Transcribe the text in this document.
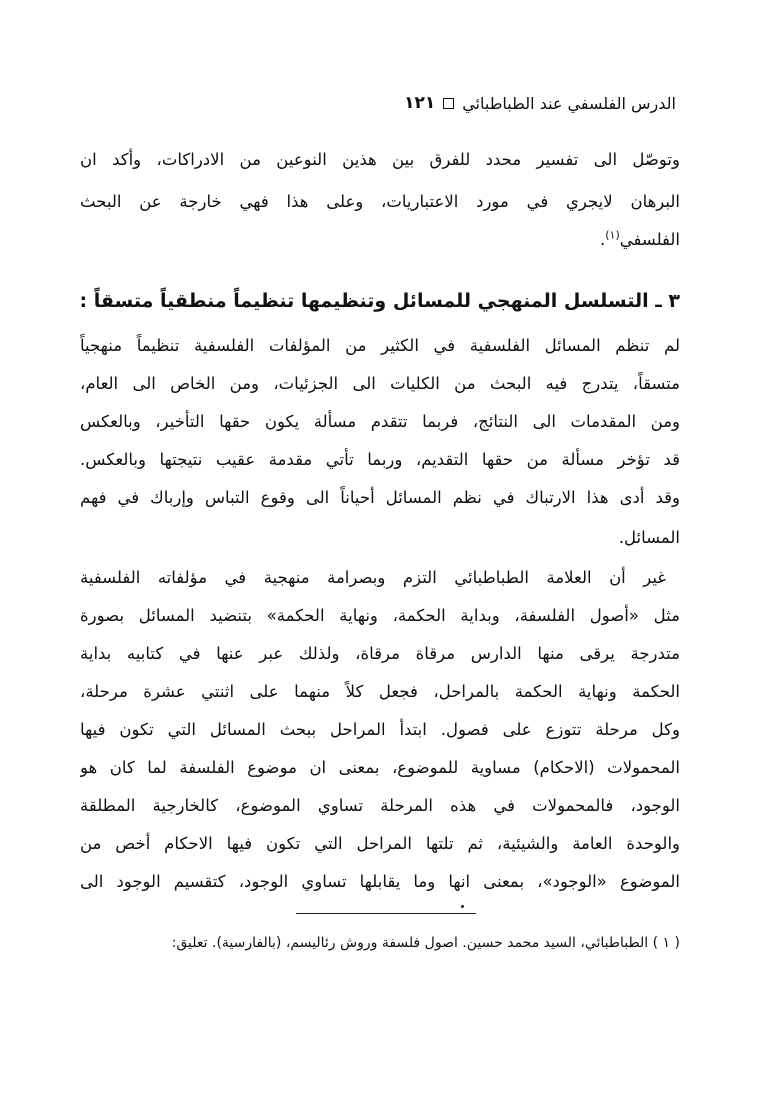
الدرس الفلسفي عند الطباطبائي
١٢١
وتوصّل الى تفسير محدد للفرق بين هذين النوعين من الادراكات، وأكد ان
البرهان لايجري في مورد الاعتباريات، وعلى هذا فهي خارجة عن البحث
الفلسفي$^{(١)}$.
٣ ـ التسلسل المنهجي للمسائل وتنظيمها تنظيماً منطقياً متسقاً :
لم تنظم المسائل الفلسفية في الكثير من المؤلفات الفلسفية تنظيماً منهجياً
متسقاً، يتدرج فيه البحث من الكليات الى الجزئيات، ومن الخاص الى العام،
ومن المقدمات الى النتائج، فربما تتقدم مسألة يكون حقها التأخير، وبالعكس
قد تؤخر مسألة من حقها التقديم، وربما تأتي مقدمة عقيب نتيجتها وبالعكس.
وقد أدى هذا الارتباك في نظم المسائل أحياناً الى وقوع التباس وإرباك في فهم
المسائل.
غير أن العلامة الطباطبائي التزم وبصرامة منهجية في مؤلفاته الفلسفية
مثل «أصول الفلسفة، وبداية الحكمة، ونهاية الحكمة» بتنضيد المسائل بصورة
متدرجة يرقى منها الدارس مرقاة مرقاة، ولذلك عبر عنها في كتابيه بداية
الحكمة ونهاية الحكمة بالمراحل، فجعل كلاً منهما على اثنتي عشرة مرحلة،
وكل مرحلة تتوزع على فصول. ابتدأ المراحل ببحث المسائل التي تكون فيها
المحمولات (الاحكام) مساوية للموضوع، بمعنى ان موضوع الفلسفة لما كان هو
الوجود، فالمحمولات في هذه المرحلة تساوي الموضوع، كالخارجية المطلقة
والوحدة العامة والشيئية، ثم تلتها المراحل التي تكون فيها الاحكام أخص من
الموضوع «الوجود»، بمعنى انها وما يقابلها تساوي الوجود، كتقسيم الوجود الى
( ١ ) الطباطبائي، السيد محمد حسين. اصول فلسفة وروش رئاليسم، (بالفارسية). تعليق:
